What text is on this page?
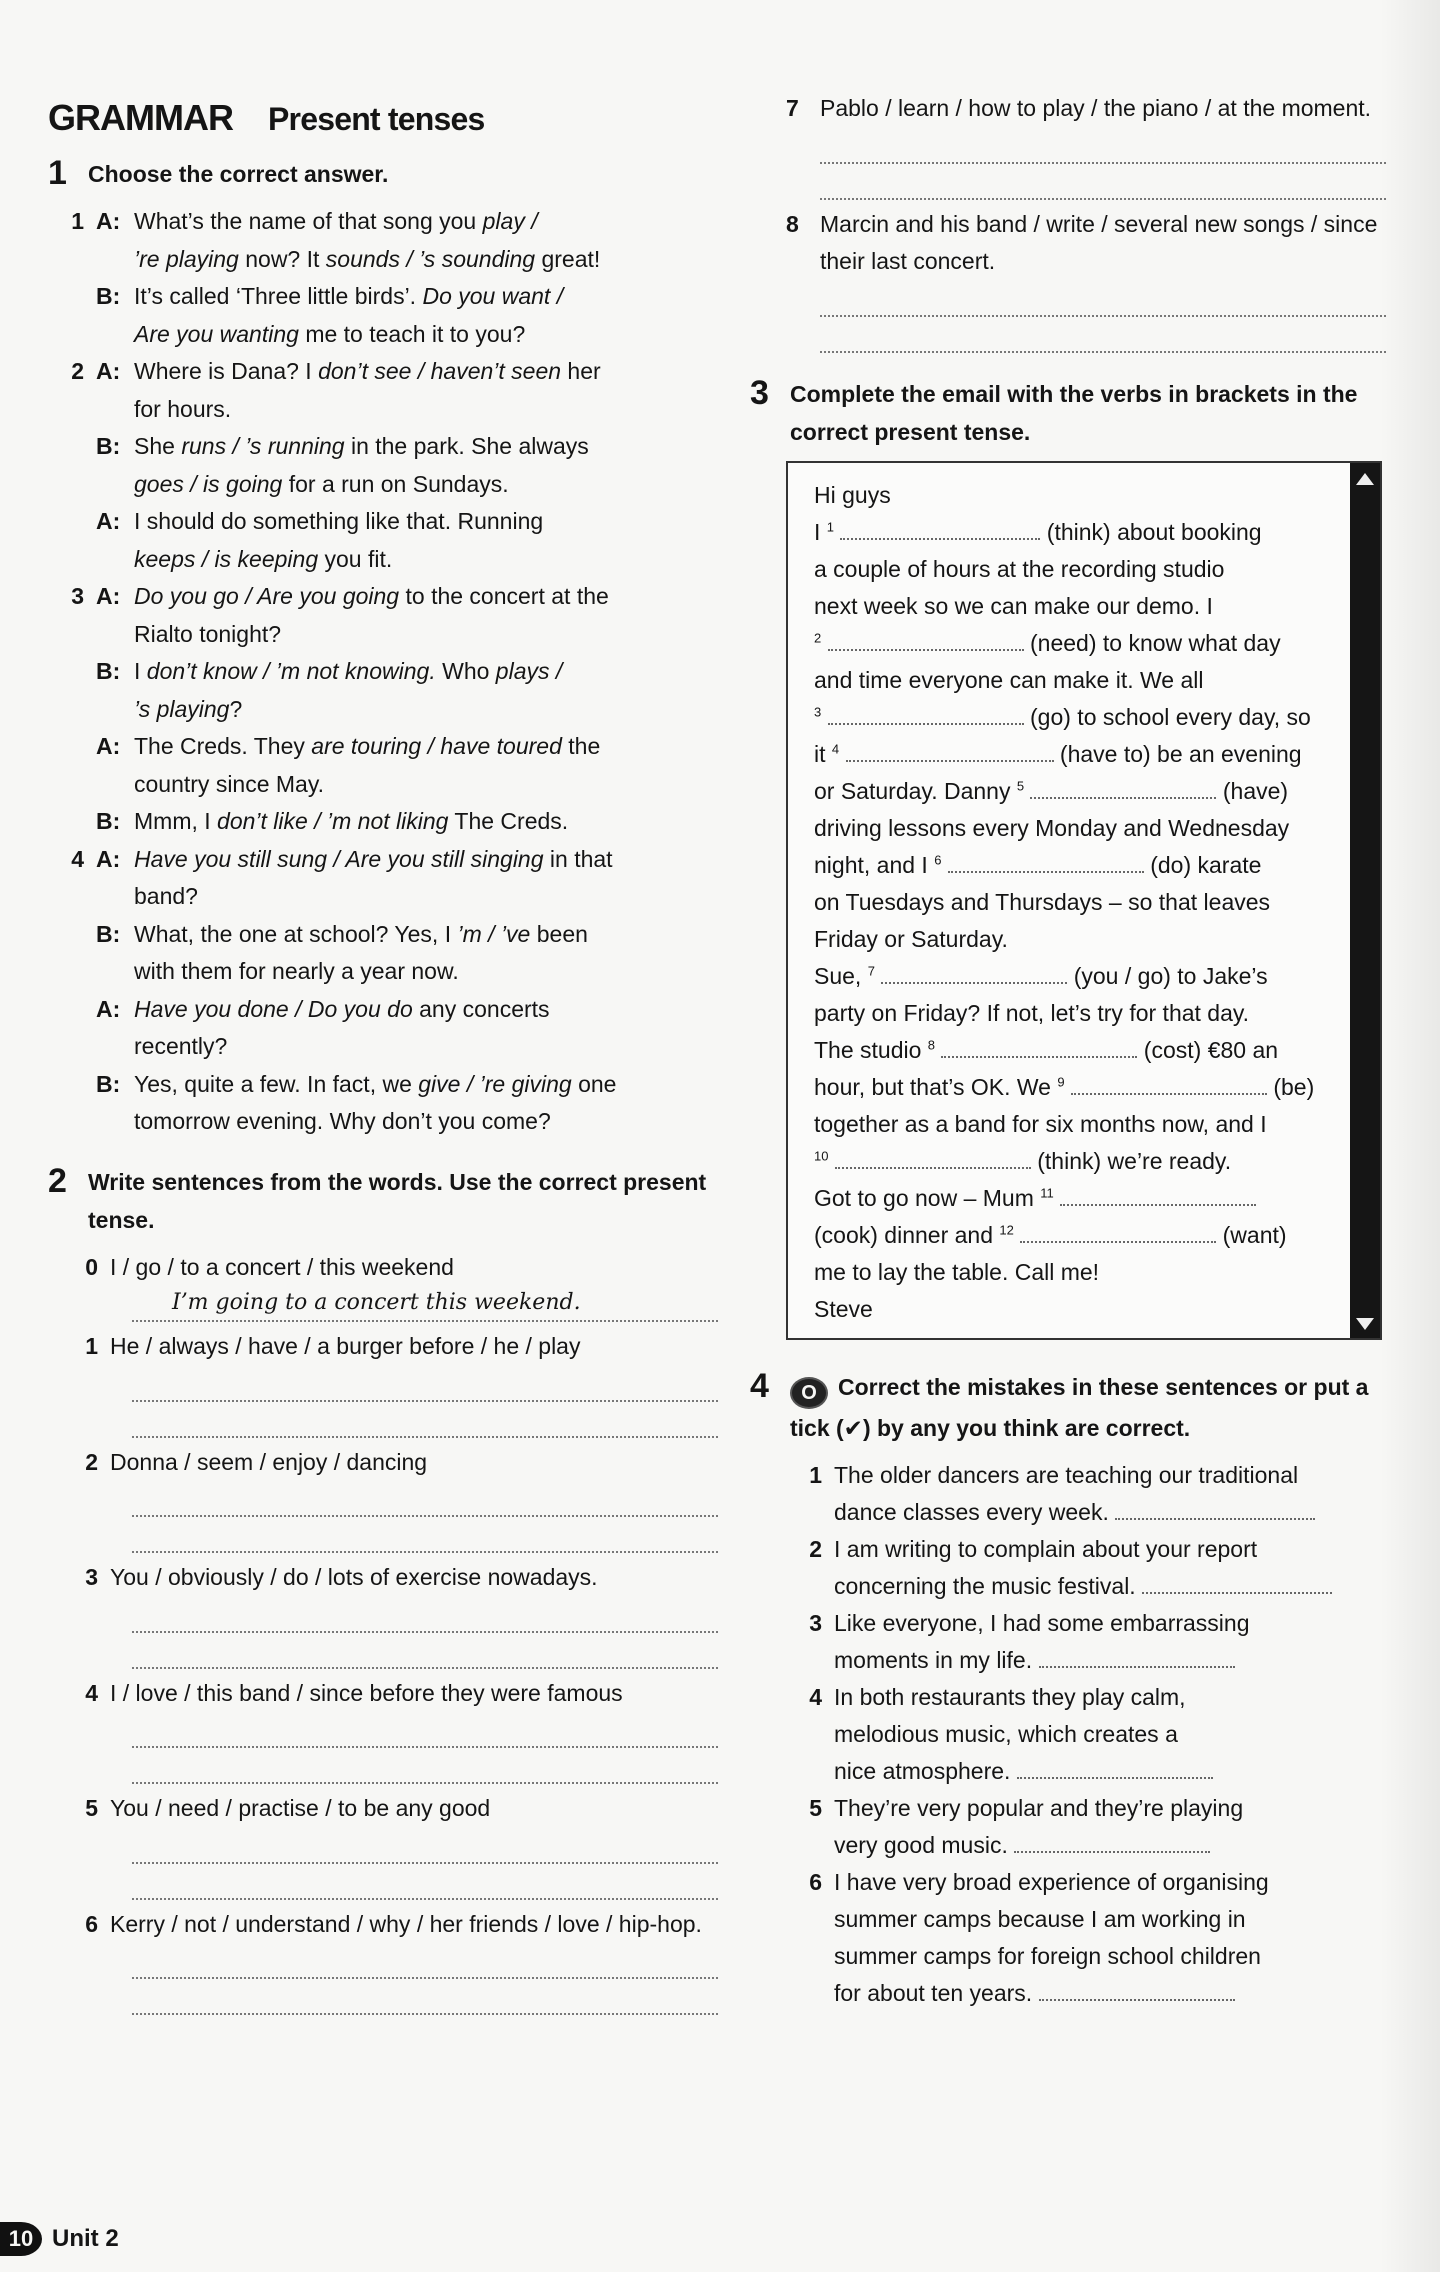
GRAMMAR Present tenses
1 Choose the correct answer.
1 A: What’s the name of that song you play /
’re playing now? It sounds / ’s sounding great!
B: It’s called ‘Three little birds’. Do you want /
Are you wanting me to teach it to you?
2 A: Where is Dana? I don’t see / haven’t seen her
for hours.
B: She runs / ’s running in the park. She always
goes / is going for a run on Sundays.
A: I should do something like that. Running
keeps / is keeping you fit.
3 A: Do you go / Are you going to the concert at the
Rialto tonight?
B: I don’t know / ’m not knowing. Who plays /
’s playing?
A: The Creds. They are touring / have toured the
country since May.
B: Mmm, I don’t like / ’m not liking The Creds.
4 A: Have you still sung / Are you still singing in that
band?
B: What, the one at school? Yes, I ’m / ’ve been
with them for nearly a year now.
A: Have you done / Do you do any concerts
recently?
B: Yes, quite a few. In fact, we give / ’re giving one
tomorrow evening. Why don’t you come?
2 Write sentences from the words. Use the correct present tense.
0 I / go / to a concert / this weekend
I’m going to a concert this weekend.
1 He / always / have / a burger before / he / play
2 Donna / seem / enjoy / dancing
3 You / obviously / do / lots of exercise nowadays.
4 I / love / this band / since before they were famous
5 You / need / practise / to be any good
6 Kerry / not / understand / why / her friends / love / hip-hop.
7 Pablo / learn / how to play / the piano / at the moment.
8 Marcin and his band / write / several new songs / since their last concert.
3 Complete the email with the verbs in brackets in the correct present tense.
Hi guys
I $^1$	(think) about booking
a couple of hours at the recording studio
next week so we can make our demo. I
$^2$	(need) to know what day
and time everyone can make it. We all
$^3$	(go) to school every day, so
it $^4$	(have to) be an evening
or Saturday. Danny $^5$	(have)
driving lessons every Monday and Wednesday
night, and I $^6$	(do) karate
on Tuesdays and Thursdays – so that leaves
Friday or Saturday.
Sue, $^7$	(you / go) to Jake’s
party on Friday? If not, let’s try for that day.
The studio $^8$	(cost) €80 an
hour, but that’s OK. We $^9$	(be)
together as a band for six months now, and I
$^{10}$	(think) we’re ready.
Got to go now – Mum $^{11}$
(cook) dinner and $^{12}$	(want)
me to lay the table. Call me!
Steve
4	O Correct the mistakes in these sentences or put a tick (✔) by any you think are correct.
1 The older dancers are teaching our traditional
dance classes every week.
2 I am writing to complain about your report
concerning the music festival.
3 Like everyone, I had some embarrassing
moments in my life.
4 In both restaurants they play calm,
melodious music, which creates a
nice atmosphere.
5 They’re very popular and they’re playing
very good music.
6 I have very broad experience of organising
summer camps because I am working in
summer camps for foreign school children
for about ten years.
10 Unit 2
